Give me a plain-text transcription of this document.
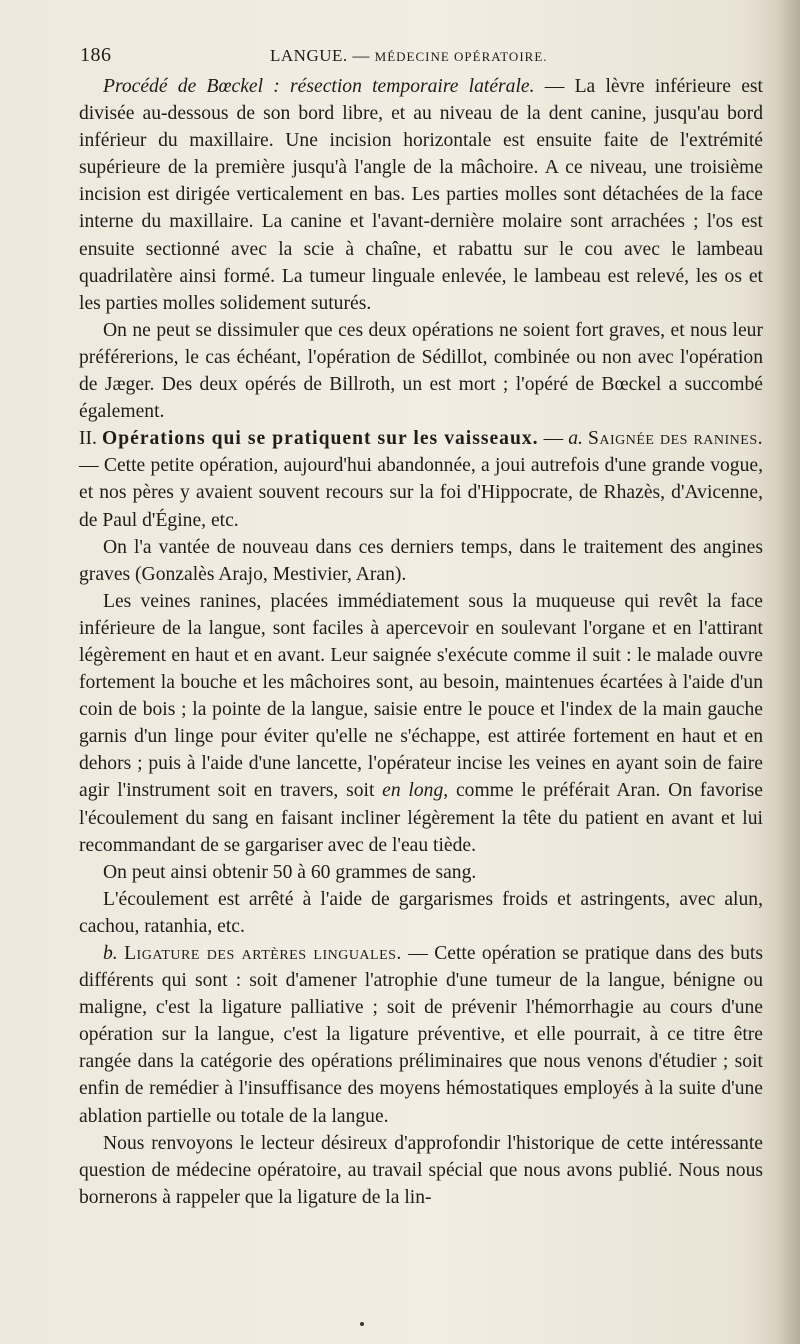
186	LANGUE. — MÉDECINE OPÉRATOIRE.

Procédé de Bœckel : résection temporaire latérale. — La lèvre inférieure est divisée au-dessous de son bord libre, et au niveau de la dent canine, jusqu'au bord inférieur du maxillaire. Une incision horizontale est ensuite faite de l'extrémité supérieure de la première jusqu'à l'angle de la mâchoire. A ce niveau, une troisième incision est dirigée verticalement en bas. Les parties molles sont détachées de la face interne du maxillaire. La canine et l'avant-dernière molaire sont arrachées ; l'os est ensuite sectionné avec la scie à chaîne, et rabattu sur le cou avec le lambeau quadrilatère ainsi formé. La tumeur linguale enlevée, le lambeau est relevé, les os et les parties molles solidement suturés.

On ne peut se dissimuler que ces deux opérations ne soient fort graves, et nous leur préférerions, le cas échéant, l'opération de Sédillot, combinée ou non avec l'opération de Jæger. Des deux opérés de Billroth, un est mort ; l'opéré de Bœckel a succombé également.

II. Opérations qui se pratiquent sur les vaisseaux. — a. Saignée des ranines. — Cette petite opération, aujourd'hui abandonnée, a joui autrefois d'une grande vogue, et nos pères y avaient souvent recours sur la foi d'Hippocrate, de Rhazès, d'Avicenne, de Paul d'Égine, etc.

On l'a vantée de nouveau dans ces derniers temps, dans le traitement des angines graves (Gonzalès Arajo, Mestivier, Aran).

Les veines ranines, placées immédiatement sous la muqueuse qui revêt la face inférieure de la langue, sont faciles à apercevoir en soulevant l'organe et en l'attirant légèrement en haut et en avant. Leur saignée s'exécute comme il suit : le malade ouvre fortement la bouche et les mâchoires sont, au besoin, maintenues écartées à l'aide d'un coin de bois ; la pointe de la langue, saisie entre le pouce et l'index de la main gauche garnis d'un linge pour éviter qu'elle ne s'échappe, est attirée fortement en haut et en dehors ; puis à l'aide d'une lancette, l'opérateur incise les veines en ayant soin de faire agir l'instrument soit en travers, soit en long, comme le préférait Aran. On favorise l'écoulement du sang en faisant incliner légèrement la tête du patient en avant et lui recommandant de se gargariser avec de l'eau tiède.

On peut ainsi obtenir 50 à 60 grammes de sang.

L'écoulement est arrêté à l'aide de gargarismes froids et astringents, avec alun, cachou, ratanhia, etc.

b. Ligature des artères linguales. — Cette opération se pratique dans des buts différents qui sont : soit d'amener l'atrophie d'une tumeur de la langue, bénigne ou maligne, c'est la ligature palliative ; soit de prévenir l'hémorrhagie au cours d'une opération sur la langue, c'est la ligature préventive, et elle pourrait, à ce titre être rangée dans la catégorie des opérations préliminaires que nous venons d'étudier ; soit enfin de remédier à l'insuffisance des moyens hémostatiques employés à la suite d'une ablation partielle ou totale de la langue.

Nous renvoyons le lecteur désireux d'approfondir l'historique de cette intéressante question de médecine opératoire, au travail spécial que nous avons publié. Nous nous bornerons à rappeler que la ligature de la lin-
